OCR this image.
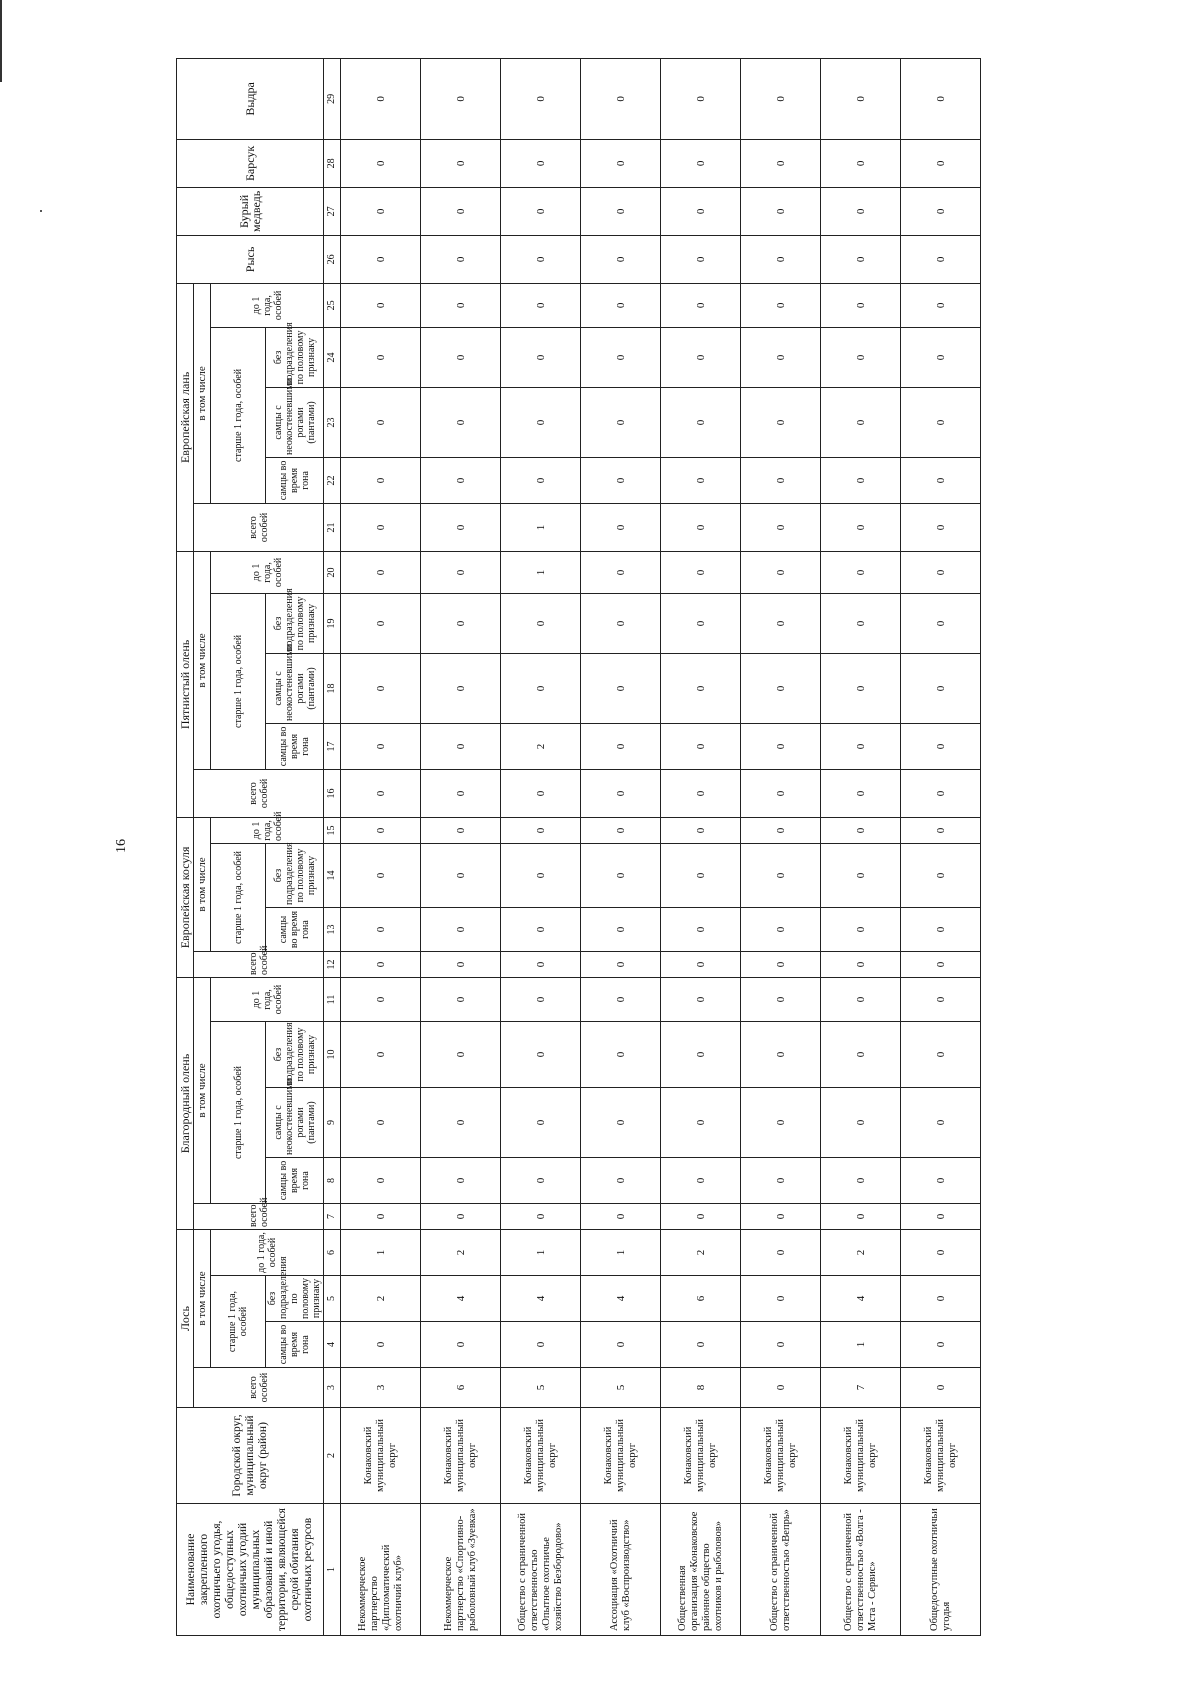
16
Наименование закрепленного охотничьего угодья, общедоступных охотничьих угодий муниципальных образований и иной территории, являющейся средой обитания охотничьих ресурсов	Городской округ, муниципальный округ (район)	Лось				Благородный олень					Европейская косуля				Пятнистый олень					Европейская лань					Рысь	Бурый медведь	Барсук	Выдра
		всего особей	в том числе			всего особей	в том числе				всего особей	в том числе			всего особей	в том числе				всего особей	в том числе							
			старше 1 года, особей		до 1 года, особей		старше 1 года, особей			до 1 года, особей		старше 1 года, особей		до 1 года, особей		старше 1 года, особей			до 1 года, особей		старше 1 года, особей			до 1 года, особей				
			самцы во время гона	без подразделения по половому признаку			самцы во время гона	самцы с неокостеневшими рогами (пантами)	без подразделения по половому признаку			самцы во время гона	без подразделения по половому признаку			самцы во время гона	самцы с неокостеневшими рогами (пантами)	без подразделения по половому признаку			самцы во время гона	самцы с неокостеневшими рогами (пантами)	без подразделения по половому признаку					
1	2	3	4	5	6	7	8	9	10	11	12	13	14	15	16	17	18	19	20	21	22	23	24	25	26	27	28	29
Некоммерческое партнерство «Дипломатический охотничий клуб»	Конаковский муниципальный округ	3	0	2	1	0	0	0	0	0	0	0	0	0	0	0	0	0	0	0	0	0	0	0	0	0	0	0
Некоммерческое партнерство «Спортивно-рыболовный клуб «Зуевка»	Конаковский муниципальный округ	6	0	4	2	0	0	0	0	0	0	0	0	0	0	0	0	0	0	0	0	0	0	0	0	0	0	0
Общество с ограниченной ответственностью «Опытное охотничье хозяйство Безбородово»	Конаковский муниципальный округ	5	0	4	1	0	0	0	0	0	0	0	0	0	0	2	0	0	1	1	0	0	0	0	0	0	0	0
Ассоциация «Охотничий клуб «Воспроизводство»	Конаковский муниципальный округ	5	0	4	1	0	0	0	0	0	0	0	0	0	0	0	0	0	0	0	0	0	0	0	0	0	0	0
Общественная организация «Конаковское районное общество охотников и рыболовов»	Конаковский муниципальный округ	8	0	6	2	0	0	0	0	0	0	0	0	0	0	0	0	0	0	0	0	0	0	0	0	0	0	0
Общество с ограниченной ответственностью «Вепрь»	Конаковский муниципальный округ	0	0	0	0	0	0	0	0	0	0	0	0	0	0	0	0	0	0	0	0	0	0	0	0	0	0	0
Общество с ограниченной ответственностью «Волга - Мста - Сервис»	Конаковский муниципальный округ	7	1	4	2	0	0	0	0	0	0	0	0	0	0	0	0	0	0	0	0	0	0	0	0	0	0	0
Общедоступные охотничьи угодья	Конаковский муниципальный округ	0	0	0	0	0	0	0	0	0	0	0	0	0	0	0	0	0	0	0	0	0	0	0	0	0	0	0
